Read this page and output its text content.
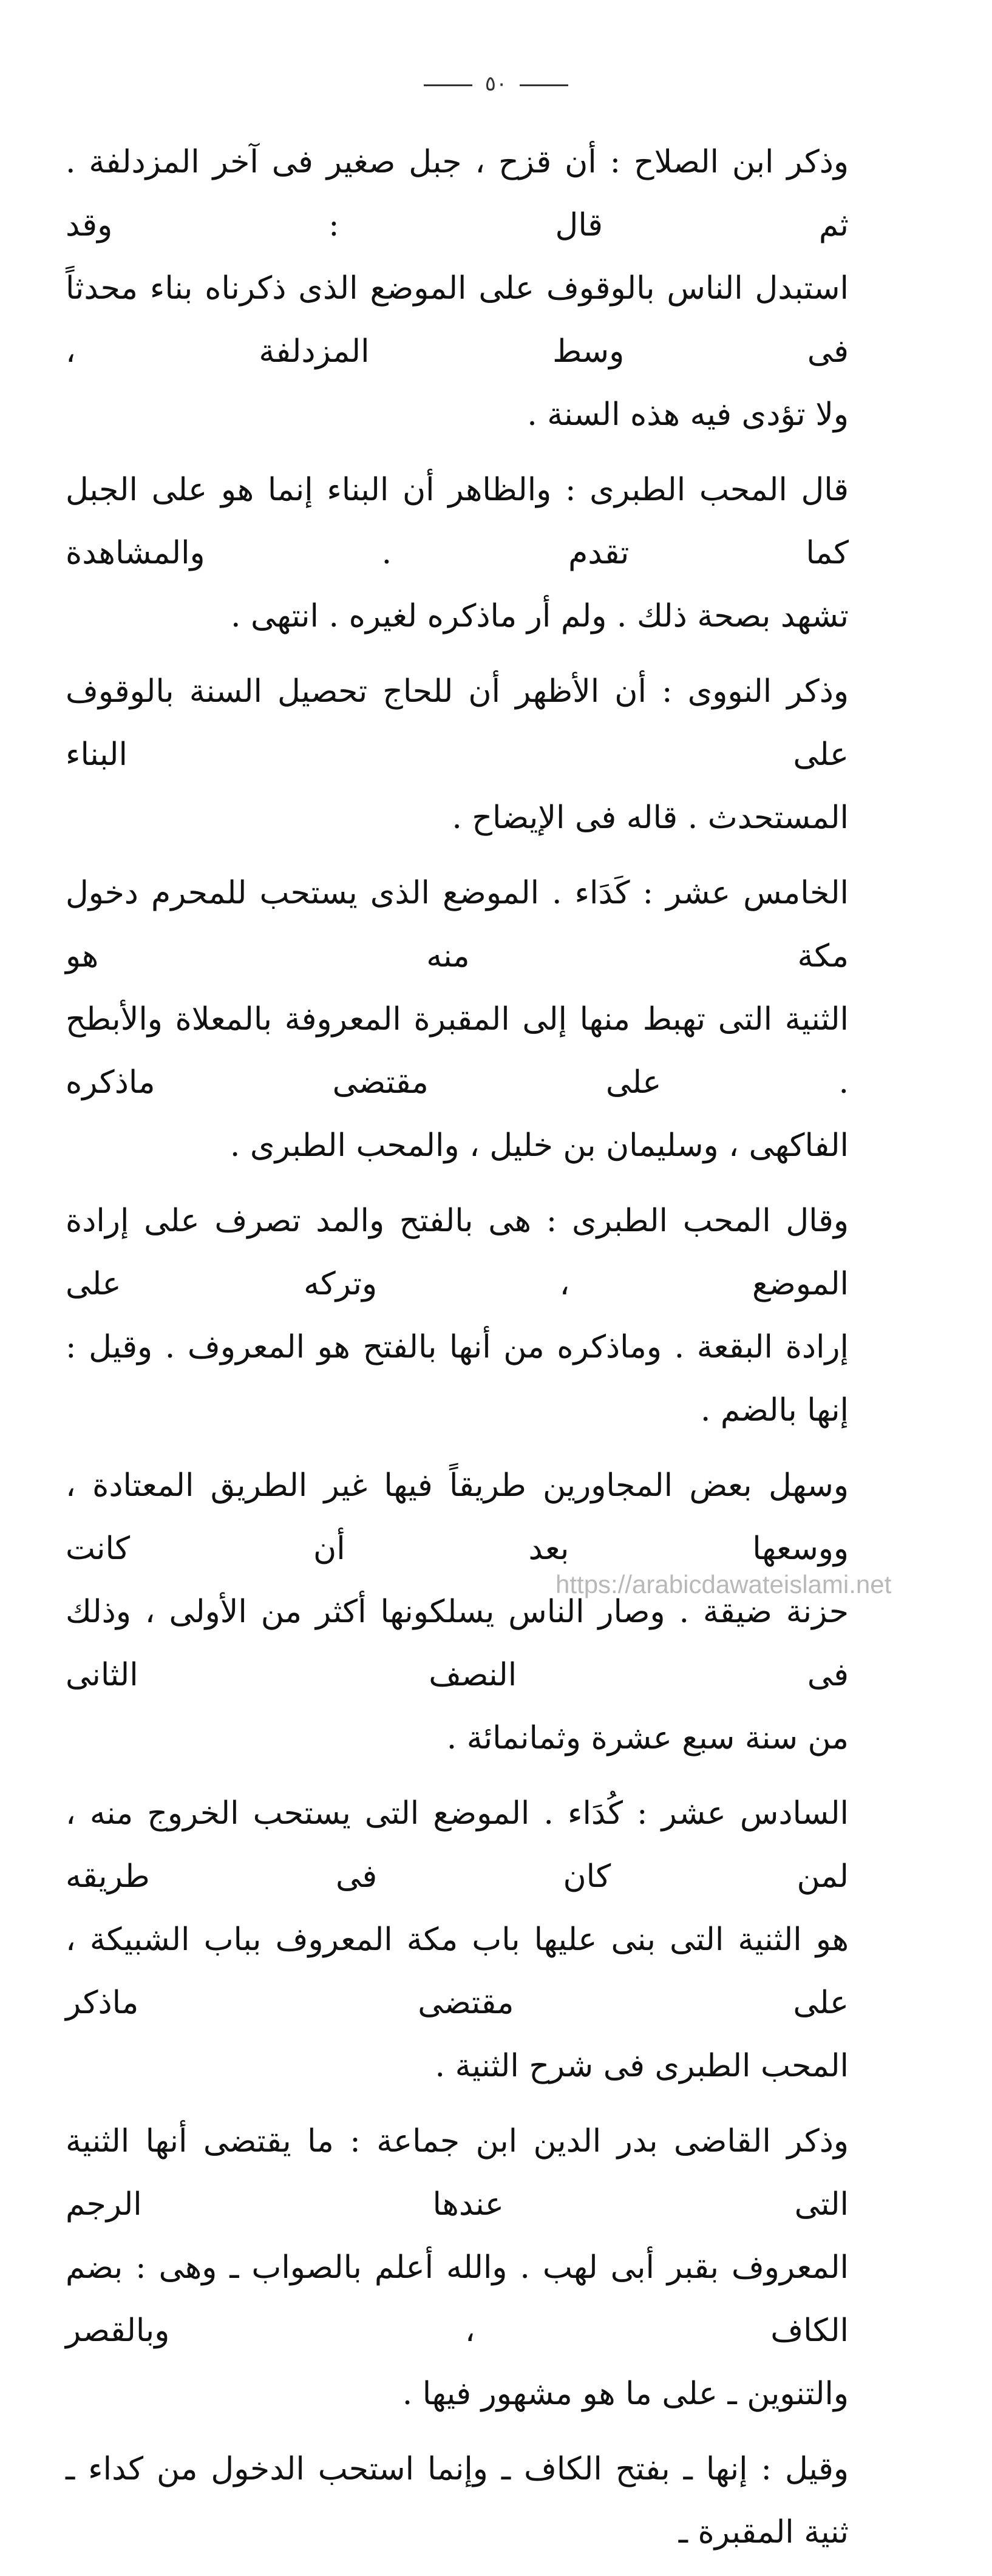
٥٠
وذكر ابن الصلاح : أن قزح ، جبل صغير فى آخر المزدلفة . ثم قال : وقد
استبدل الناس بالوقوف على الموضع الذى ذكرناه بناء محدثاً فى وسط المزدلفة ،
ولا تؤدى فيه هذه السنة .
قال المحب الطبرى : والظاهر أن البناء إنما هو على الجبل كما تقدم . والمشاهدة
تشهد بصحة ذلك . ولم أر ماذكره لغيره . انتهى .
وذكر النووى : أن الأظهر أن للحاج تحصيل السنة بالوقوف على البناء
المستحدث . قاله فى الإيضاح .
الخامس عشر : كَدَاء . الموضع الذى يستحب للمحرم دخول مكة منه هو
الثنية التى تهبط منها إلى المقبرة المعروفة بالمعلاة والأبطح . على مقتضى ماذكره
الفاكهى ، وسليمان بن خليل ، والمحب الطبرى .
وقال المحب الطبرى : هى بالفتح والمد تصرف على إرادة الموضع ، وتركه على
إرادة البقعة . وماذكره من أنها بالفتح هو المعروف . وقيل : إنها بالضم .
وسهل بعض المجاورين طريقاً فيها غير الطريق المعتادة ، ووسعها بعد أن كانت
حزنة ضيقة . وصار الناس يسلكونها أكثر من الأولى ، وذلك فى النصف الثانى
من سنة سبع عشرة وثمانمائة .
السادس عشر : كُدَاء . الموضع التى يستحب الخروج منه ، لمن كان فى طريقه
هو الثنية التى بنى عليها باب مكة المعروف بباب الشبيكة ، على مقتضى ماذكر
المحب الطبرى فى شرح الثنية .
وذكر القاضى بدر الدين ابن جماعة : ما يقتضى أنها الثنية التى عندها الرجم
المعروف بقبر أبى لهب . والله أعلم بالصواب ـ وهى : بضم الكاف ، وبالقصر
والتنوين ـ على ما هو مشهور فيها .
وقيل : إنها ـ بفتح الكاف ـ وإنما استحب الدخول من كداء ـ ثنية المقبرة ـ
https://arabicdawateislami.net
